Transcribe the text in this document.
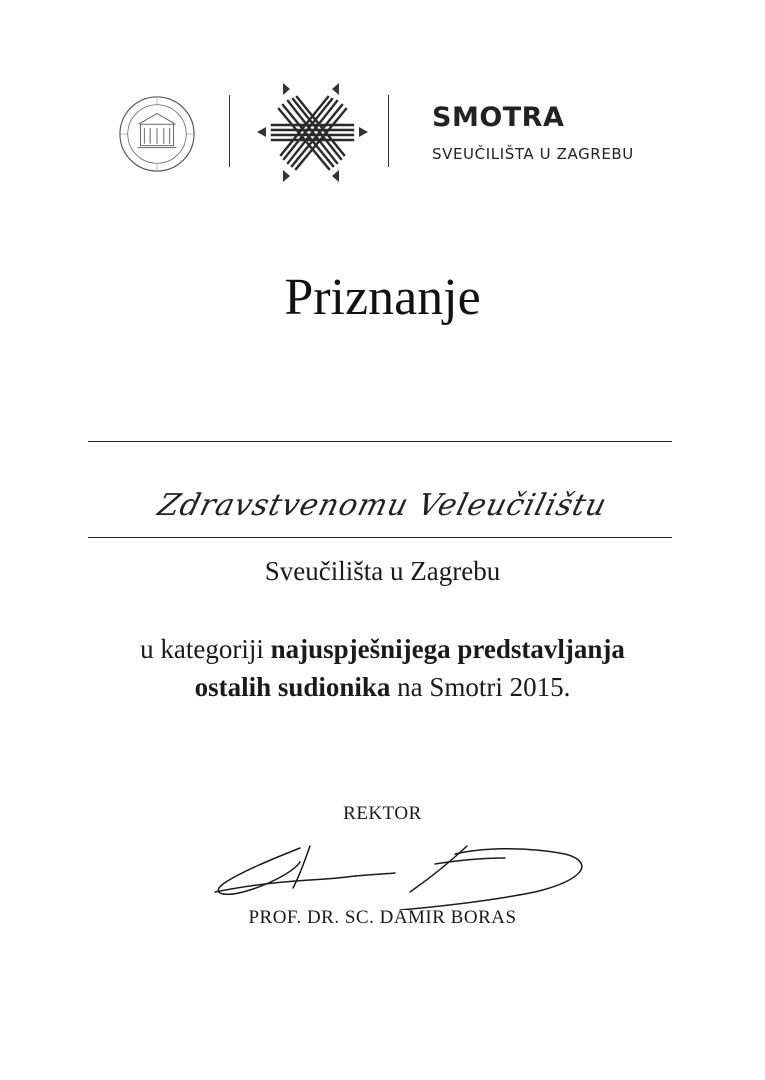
SMOTRA

SVEUČILIŠTA U ZAGREBU

Priznanje

Zdravstvenomu Veleučilištu

Sveučilišta u Zagrebu

u kategoriji najuspješnijega predstavljanja

ostalih sudionika na Smotri 2015.

REKTOR

PROF. DR. SC. DAMIR BORAS
